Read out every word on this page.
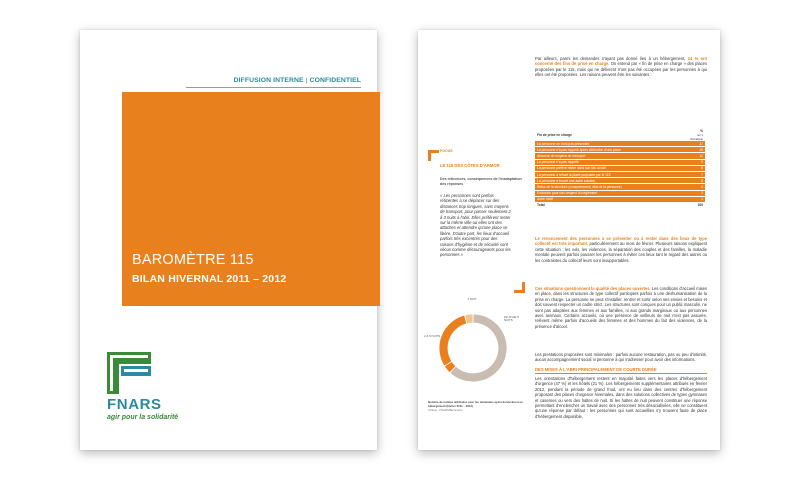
DIFFUSION INTERNE | CONFIDENTIEL
BAROMÈTRE 115
BILAN HIVERNAL 2011 – 2012
FNARS
agir pour la solidarité
FOCUS
LE 115 DES CÔTES D'ARMOR
Des réticences, conséquences de l'inadaptation des réponses
« Les personnes sont parfois réticentes à se déplacer sur des distances trop longues, sans moyens de transport, pour passer seulement 2 à 3 nuits à l'abri. Elles préfèrent rester sur la même ville où elles ont des attaches et attendre qu'une place se libère. D'autre part, les lieux d'accueil parfois très excentrés pour des raisons d'hygiène et de sécurité sont vécus comme décourageants pour les personnes »
Par ailleurs, parmi les demandes n'ayant pas donné lieu à un hébergement, 14 % ont concerné des fins de prise en charge. On entend par « fin de prise en charge » des places proposées par le 115, mais qui ne délivrent n'ont pas été occupées par les personnes à qui elles ont été proposées. Les raisons peuvent être les suivantes :
Fin de prise en charge	%
sur 1 thématique
La personne ne s'est pas présentée	37
La personne n'a pas rappelé après attribution d'une place	15
Absence de moyens de transport	12
La personne n'a pas rappelé	9
La personne préfère rester dans son lieu actuel	8
La personne a refusé la place proposée par le 115	7
La personne a trouvé une autre solution	5
Refus de la structure (comportement, état de la personne)	4
Exclusion pour non-respect du règlement	2
Autre motif	1
Total	100
Le renoncement des personnes à se présenter ou à rester dans des lieux de type collectif est très important, particulièrement au mois de février. Plusieurs raisons expliquent cette situation : les vols, les violences, la séparation des couples et des familles, la maladie mentale peuvent parfois pousser les personnes à éviter ces lieux tant le regard des autres ou les contraintes du collectif leurs sont insupportables.
Ces situations questionnent la qualité des places ouvertes. Les conditions d'accueil mises en place, dans les structures de type collectif participent parfois à une déshumanisation de la prise en charge. La personne ne peut s'installer, rentrer et sortir selon ses envies et besoins et doit souvent respecter un cadre strict. Les structures sont conçues pour un public masculin, ne sont pas adaptées aux femmes et aux familles, ni aux grands marginaux ou aux personnes avec animaux. Certains accueils, où une présence de veilleurs de nuit n'est pas assurée, relèvent même parfois d'accueils des femmes et des hommes du fait des violences, de la présence d'alcool.
Les prestations proposées sont minimales : parfois aucune restauration, pas ou peu d'intimité, aucun accompagnement social ni personne à qui s'adresser pour avoir des informations.
DES MISES À L'ABRI PRINCIPALEMENT DE COURTE DURÉE
Les orientations d'hébergement restent en majorité faites vers les places d'hébergement d'urgence (47 %) et les hôtels (21 %). Les hébergements supplémentaires attribués en février 2012, pendant la période de grand froid, ont eu lieu dans des centres d'hébergement proposant des places d'urgence hivernales, dans des solutions collectives de types gymnases et casernes ou vers des haltes de nuit. Si les haltes de nuit peuvent constituer une réponse permettant d'enclencher un travail avec des personnes très désocialisées, elle ne constituent qu'une réponse par défaut : les personnes qui sont accueillies s'y trouvent faute de place d'hébergement disponible.
1 NUIT
2 À 5 NUITS
PLUS DE 5 NUITS
Nombre de nuitées attribuées pour les demandes ayant donné lieu à un hébergement (février 2011 – 2012)
Champ : FNARS/Baromètre
